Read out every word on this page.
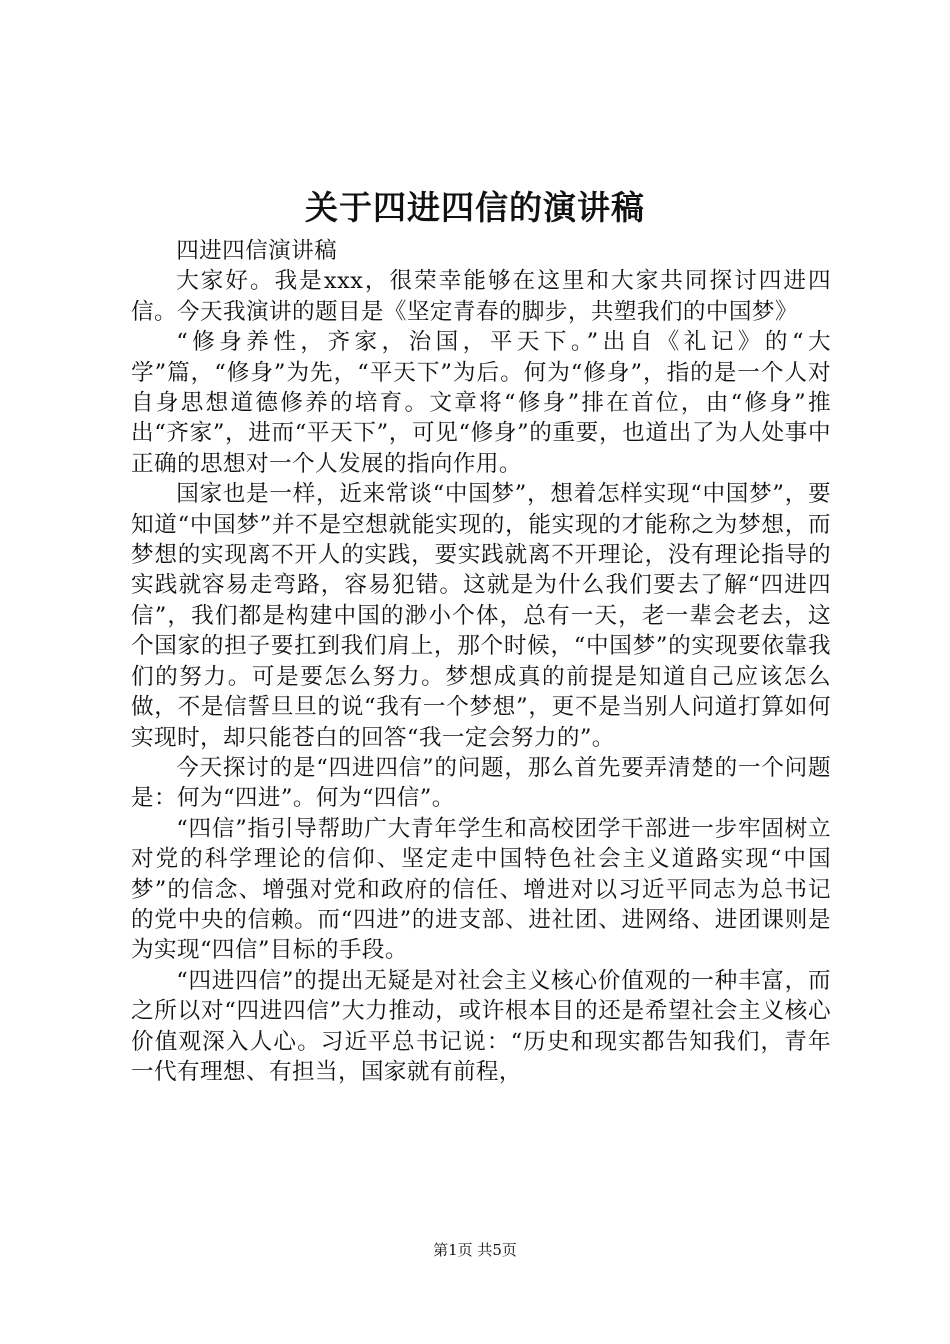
关于四进四信的演讲稿

四进四信演讲稿

大家好。我是xxx，很荣幸能够在这里和大家共同探讨四进四信。今天我演讲的题目是《坚定青春的脚步，共塑我们的中国梦》

“修身养性，齐家，治国，平天下。”出自《礼记》的“大学”篇，“修身”为先，“平天下”为后。何为“修身”，指的是一个人对自身思想道德修养的培育。文章将“修身”排在首位，由“修身”推出“齐家”，进而“平天下”，可见“修身”的重要，也道出了为人处事中正确的思想对一个人发展的指向作用。

国家也是一样，近来常谈“中国梦”，想着怎样实现“中国梦”，要知道“中国梦”并不是空想就能实现的，能实现的才能称之为梦想，而梦想的实现离不开人的实践，要实践就离不开理论，没有理论指导的实践就容易走弯路，容易犯错。这就是为什么我们要去了解“四进四信”，我们都是构建中国的渺小个体，总有一天，老一辈会老去，这个国家的担子要扛到我们肩上，那个时候，“中国梦”的实现要依靠我们的努力。可是要怎么努力。梦想成真的前提是知道自己应该怎么做，不是信誓旦旦的说“我有一个梦想”，更不是当别人问道打算如何实现时，却只能苍白的回答“我一定会努力的”。

今天探讨的是“四进四信”的问题，那么首先要弄清楚的一个问题是：何为“四进”。何为“四信”。

“四信”指引导帮助广大青年学生和高校团学干部进一步牢固树立对党的科学理论的信仰、坚定走中国特色社会主义道路实现“中国梦”的信念、增强对党和政府的信任、增进对以习近平同志为总书记的党中央的信赖。而“四进”的进支部、进社团、进网络、进团课则是为实现“四信”目标的手段。

“四进四信”的提出无疑是对社会主义核心价值观的一种丰富，而之所以对“四进四信”大力推动，或许根本目的还是希望社会主义核心价值观深入人心。习近平总书记说：“历史和现实都告知我们，青年一代有理想、有担当，国家就有前程，

第1页 共5页
